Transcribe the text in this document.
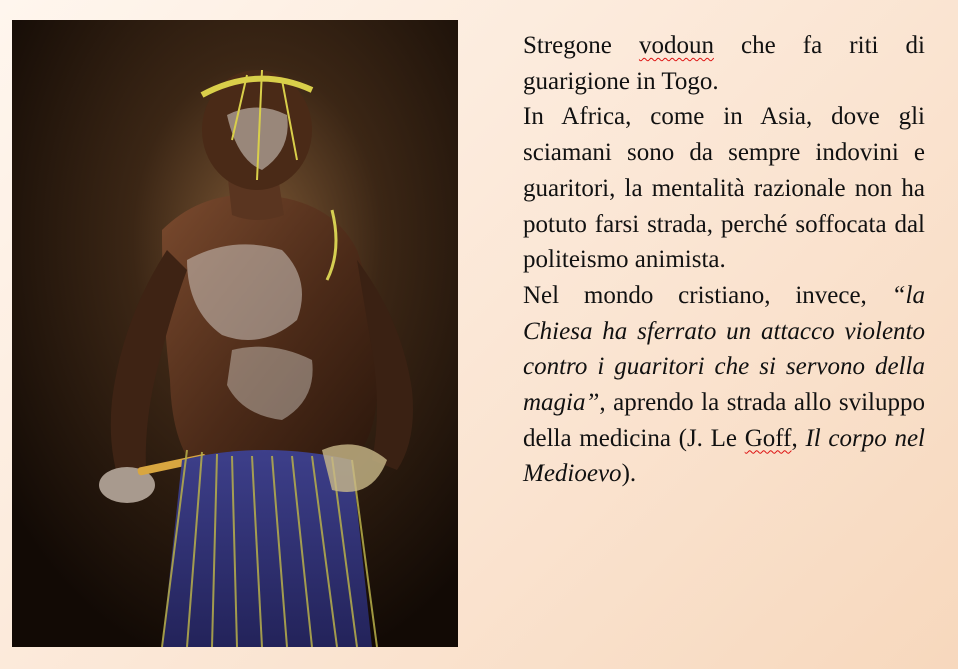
Stregone vodoun che fa riti di guarigione in Togo.

In Africa, come in Asia, dove gli sciamani sono da sempre indovini e guaritori, la mentalità razionale non ha potuto farsi strada, perché soffocata dal politeismo animista.

Nel mondo cristiano, invece, “la Chiesa ha sferrato un attacco violento contro i guaritori che si servono della magia”, aprendo la strada allo sviluppo della medicina (J. Le Goff, Il corpo nel Medioevo).
